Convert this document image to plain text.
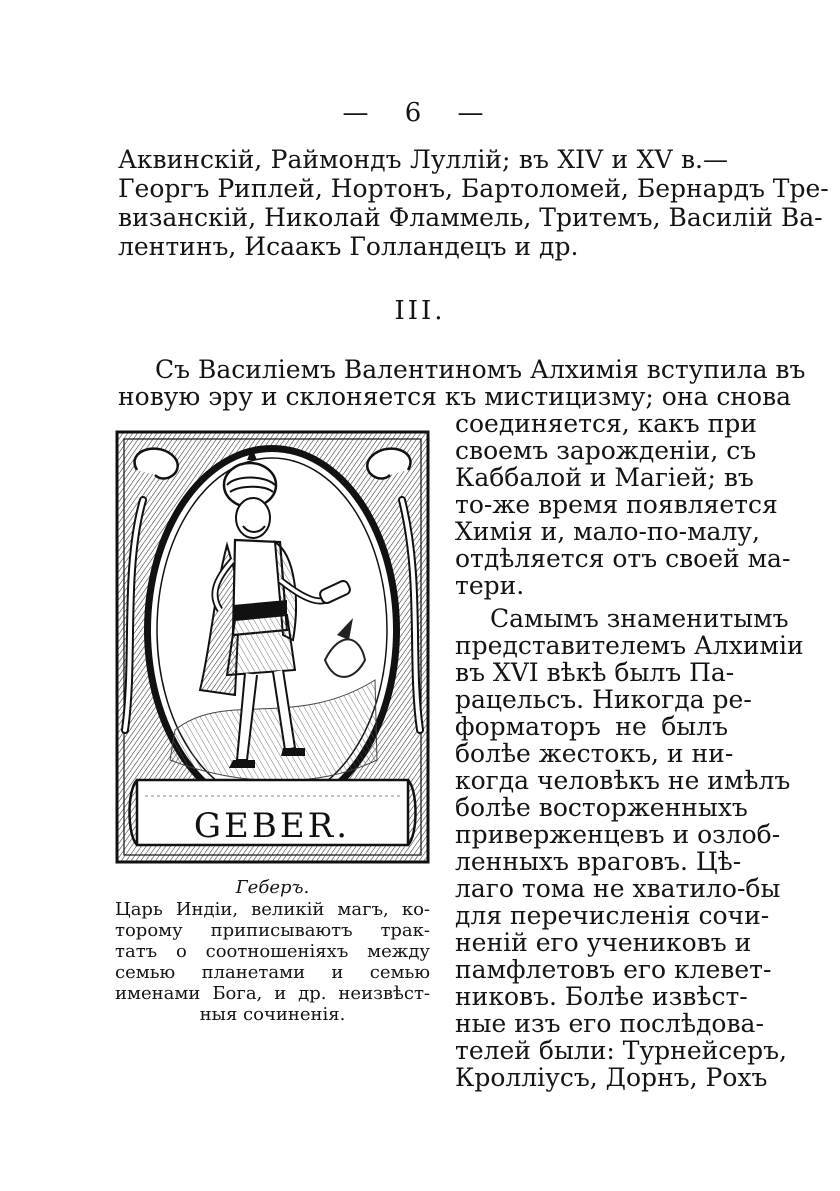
— 6 —
Аквинскій, Раймондъ Луллій; въ XIV и XV в.—
Георгъ Риплей, Нортонъ, Бартоломей, Бернардъ Тре-
визанскій, Николай Фламмель, Тритемъ, Василій Ва-
лентинъ, Исаакъ Голландецъ и др.
III.
Съ Василіемъ Валентиномъ Алхимія вступила въ
новую эру и склоняется къ мистицизму; она снова
соединяется, какъ при
своемъ зарожденіи, съ
Каббалой и Магіей; въ
то-же время появляется
Химія и, мало-по-малу,
отдѣляется отъ своей ма-
тери.
Самымъ знаменитымъ
представителемъ Алхиміи
въ XVI вѣкѣ былъ Па-
рацельсъ. Никогда ре-
форматоръ не былъ
болѣе жестокъ, и ни-
когда человѣкъ не имѣлъ
болѣе восторженныхъ
приверженцевъ и озлоб-
ленныхъ враговъ. Цѣ-
лаго тома не хватило-бы
для перечисленія сочи-
неній его учениковъ и
памфлетовъ его клевет-
никовъ. Болѣе извѣст-
ные изъ его послѣдова-
телей были: Турнейсеръ,
Кроллiусъ, Дорнъ, Рохъ
GEBER.
Геберъ.
Царь Индіи, великій магъ, ко-
торому приписываютъ трак-
татъ о соотношеніяхъ между
семью планетами и семью
именами Бога, и др. неизвѣст-
ныя сочиненія.
